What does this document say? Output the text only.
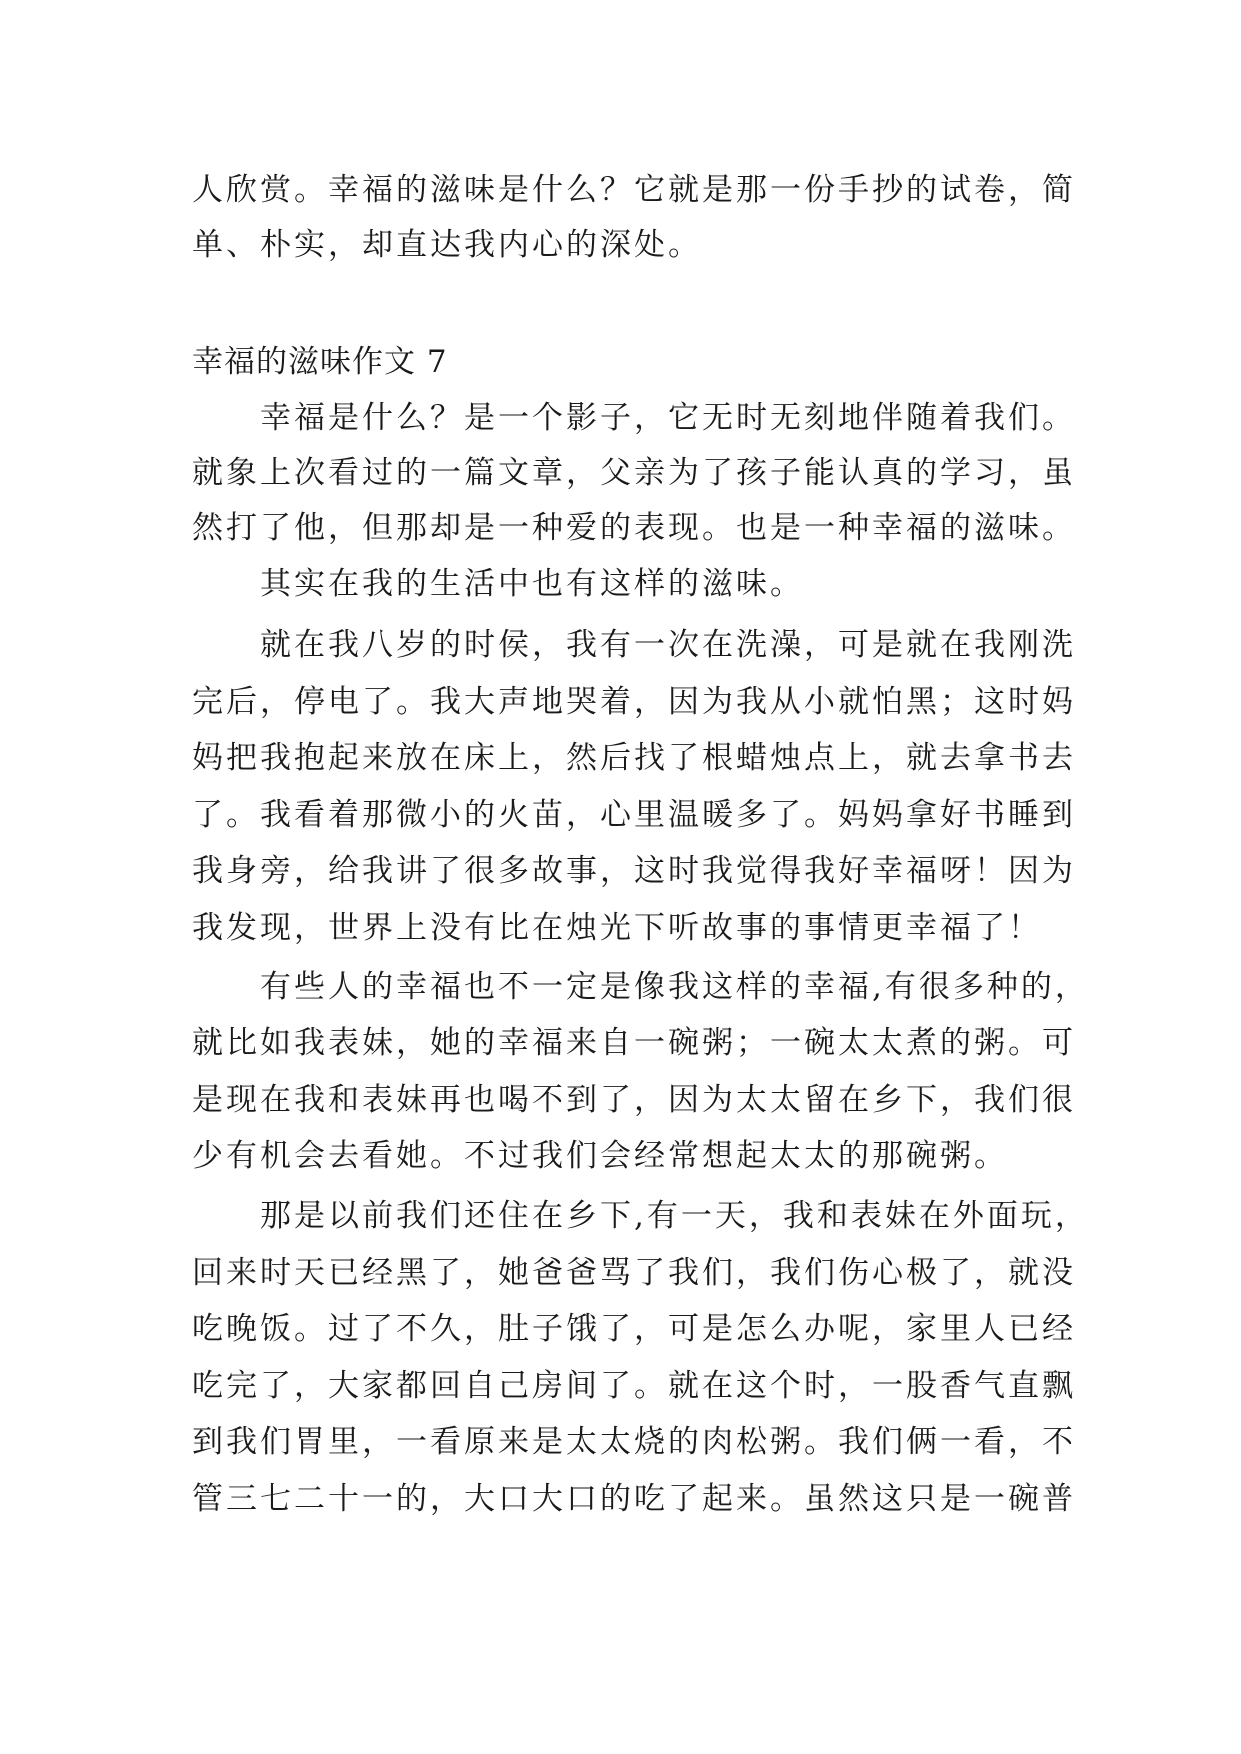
人欣赏。幸福的滋味是什么？它就是那一份手抄的试卷，简
单、朴实，却直达我内心的深处。
幸福的滋味作文 7
　　幸福是什么？是一个影子，它无时无刻地伴随着我们。
就象上次看过的一篇文章，父亲为了孩子能认真的学习，虽
然打了他，但那却是一种爱的表现。也是一种幸福的滋味。
　　其实在我的生活中也有这样的滋味。
　　就在我八岁的时侯，我有一次在洗澡，可是就在我刚洗
完后，停电了。我大声地哭着，因为我从小就怕黑；这时妈
妈把我抱起来放在床上，然后找了根蜡烛点上，就去拿书去
了。我看着那微小的火苗，心里温暖多了。妈妈拿好书睡到
我身旁，给我讲了很多故事，这时我觉得我好幸福呀！因为
我发现，世界上没有比在烛光下听故事的事情更幸福了！
　　有些人的幸福也不一定是像我这样的幸福,有很多种的，
就比如我表妹，她的幸福来自一碗粥；一碗太太煮的粥。可
是现在我和表妹再也喝不到了，因为太太留在乡下，我们很
少有机会去看她。不过我们会经常想起太太的那碗粥。
　　那是以前我们还住在乡下,有一天，我和表妹在外面玩，
回来时天已经黑了，她爸爸骂了我们，我们伤心极了，就没
吃晚饭。过了不久，肚子饿了，可是怎么办呢，家里人已经
吃完了，大家都回自己房间了。就在这个时，一股香气直飘
到我们胃里，一看原来是太太烧的肉松粥。我们俩一看，不
管三七二十一的，大口大口的吃了起来。虽然这只是一碗普
